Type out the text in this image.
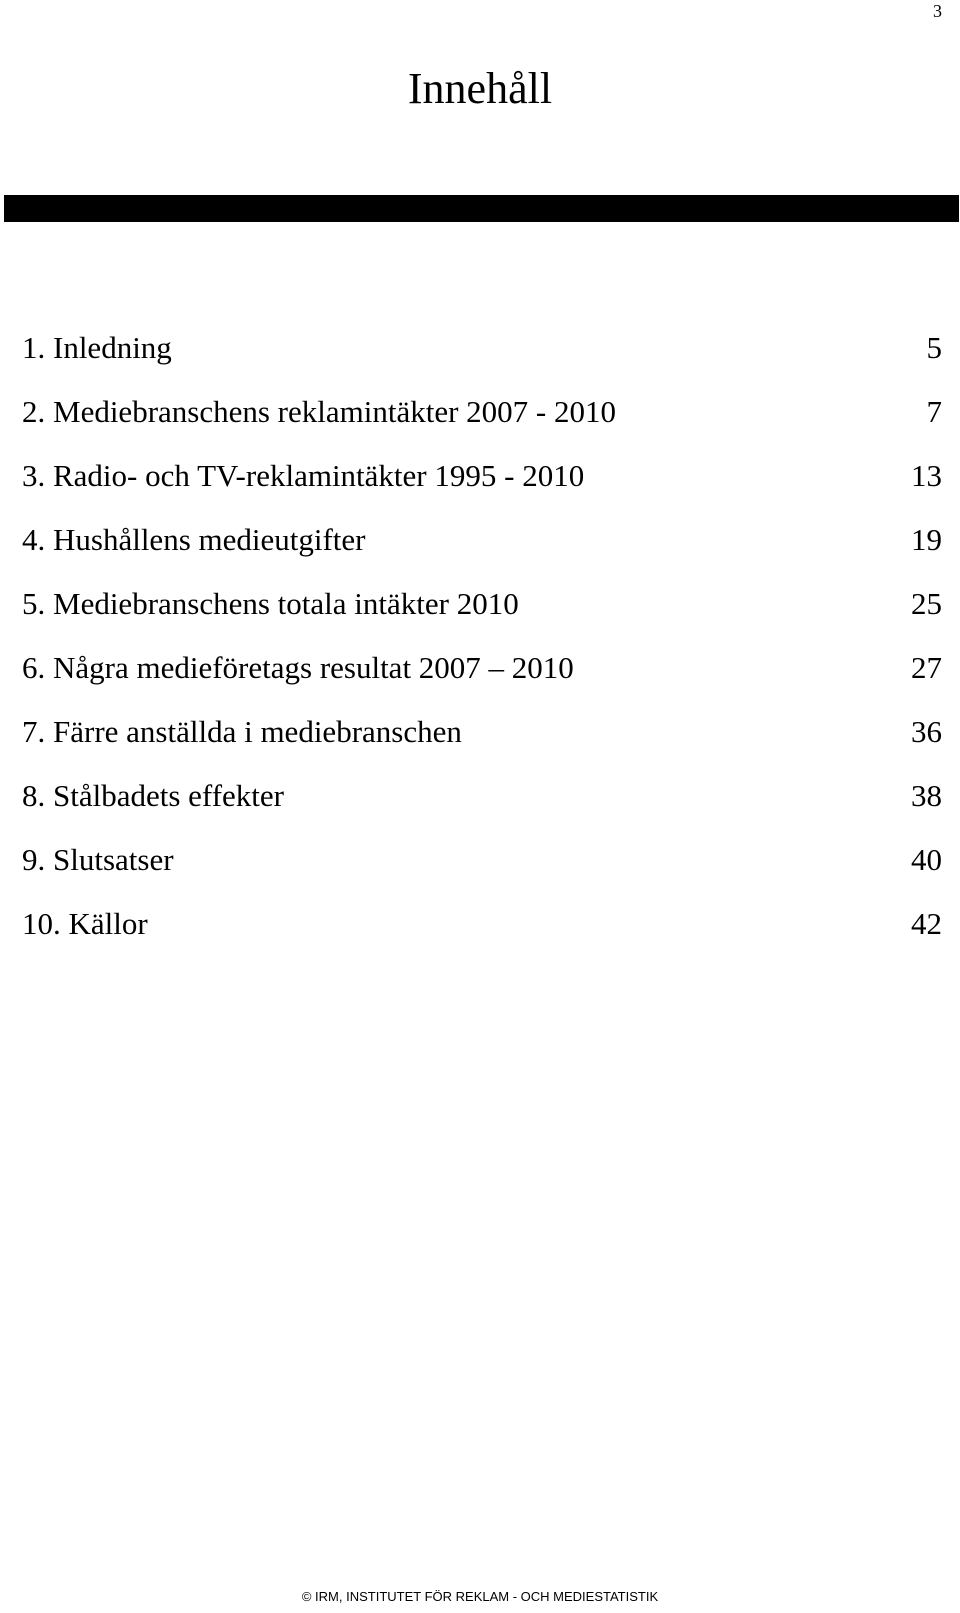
3
Innehåll
1. Inledning	5
2. Mediebranschens reklamintäkter 2007 - 2010	7
3. Radio- och TV-reklamintäkter 1995 - 2010	13
4. Hushållens medieutgifter	19
5. Mediebranschens totala intäkter 2010	25
6. Några medieföretags resultat 2007 – 2010	27
7. Färre anställda i mediebranschen	36
8. Stålbadets effekter	38
9. Slutsatser	40
10. Källor	42
© IRM, INSTITUTET FÖR REKLAM - OCH MEDIESTATISTIK
